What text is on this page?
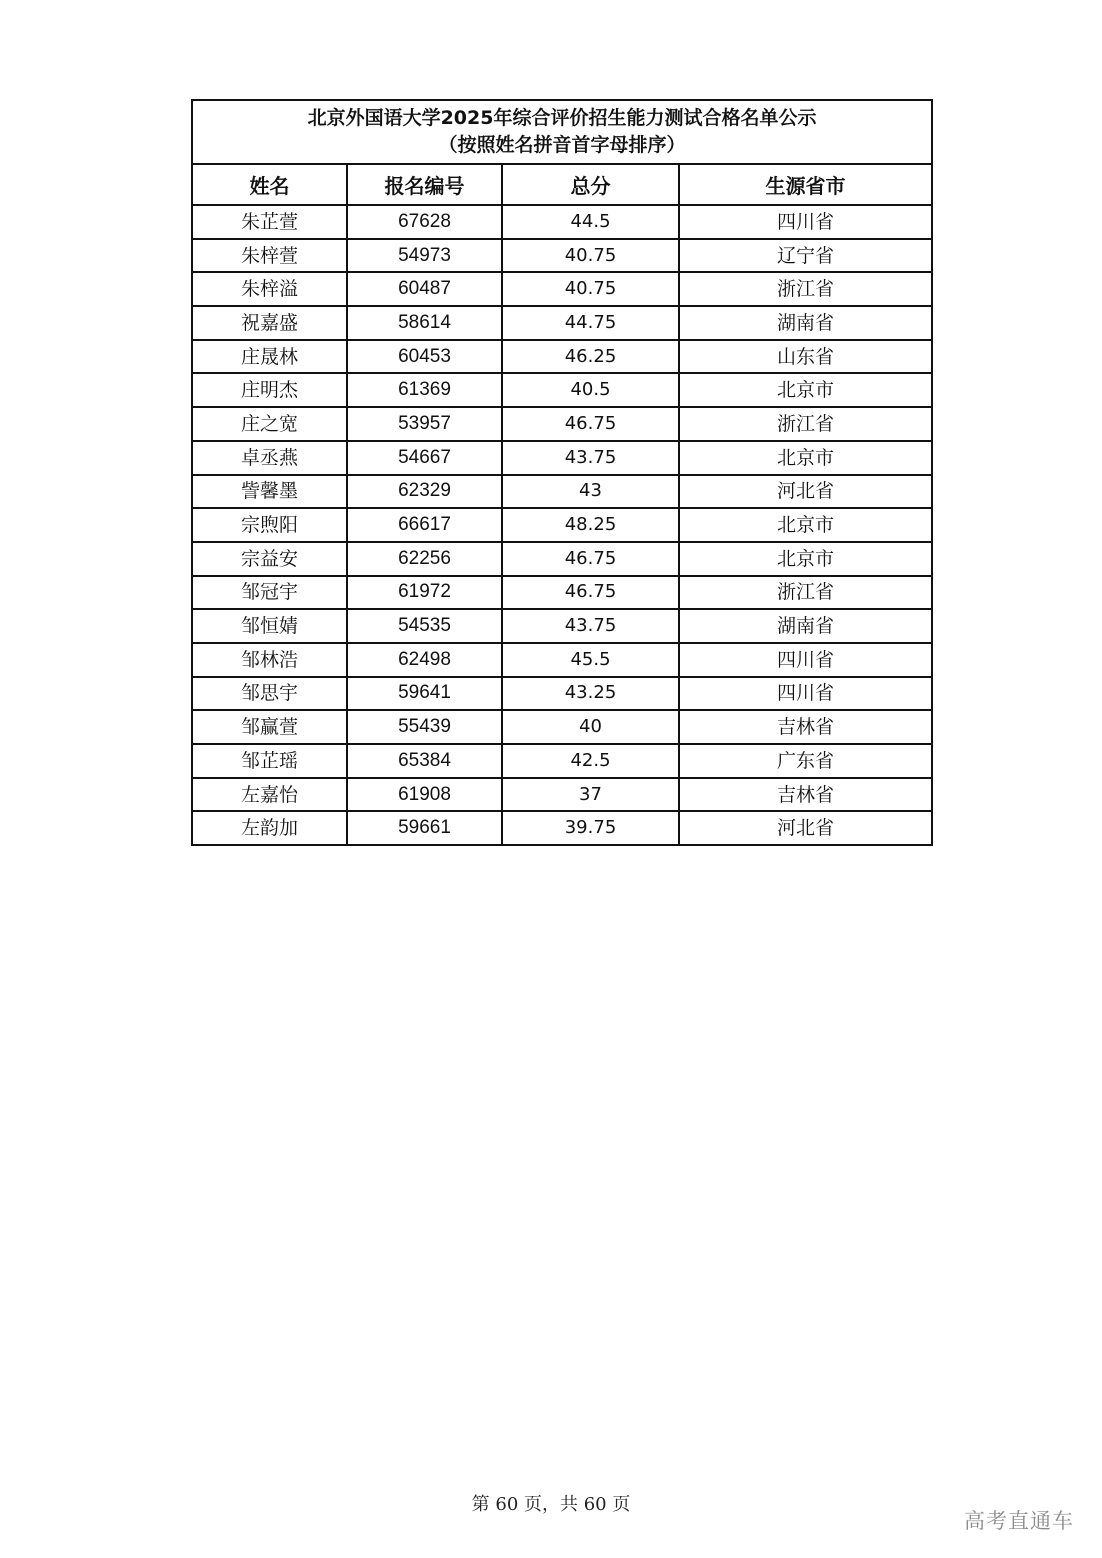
北京外国语大学2025年综合评价招生能力测试合格名单公示
（按照姓名拼音首字母排序）			

姓名	报名编号	总分	生源省市
朱芷萱	67628	44.5	四川省
朱梓萱	54973	40.75	辽宁省
朱梓溢	60487	40.75	浙江省
祝嘉盛	58614	44.75	湖南省
庄晟林	60453	46.25	山东省
庄明杰	61369	40.5	北京市
庄之宽	53957	46.75	浙江省
卓丞燕	54667	43.75	北京市
訾馨墨	62329	43	河北省
宗煦阳	66617	48.25	北京市
宗益安	62256	46.75	北京市
邹冠宇	61972	46.75	浙江省
邹恒婧	54535	43.75	湖南省
邹林浩	62498	45.5	四川省
邹思宇	59641	43.25	四川省
邹赢萱	55439	40	吉林省
邹芷瑶	65384	42.5	广东省
左嘉怡	61908	37	吉林省
左韵加	59661	39.75	河北省
第 60 页，共 60 页
高考直通车
